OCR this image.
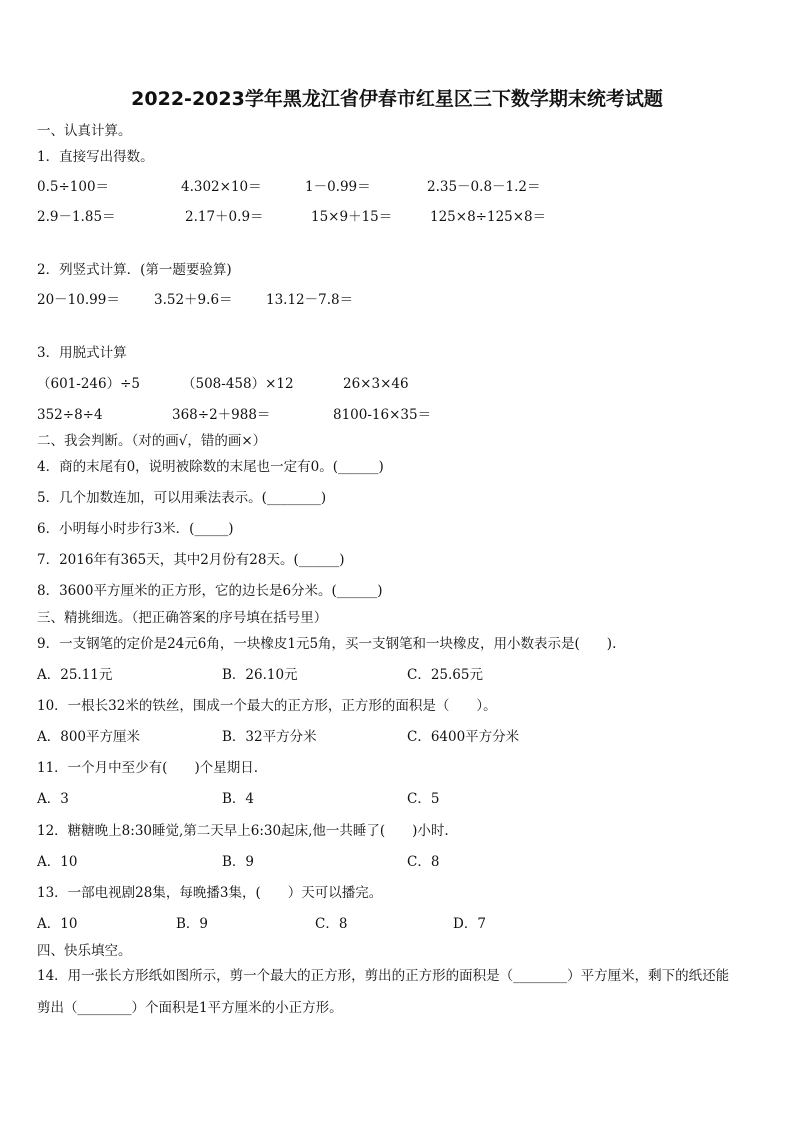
2022-2023学年黑龙江省伊春市红星区三下数学期末统考试题
一、认真计算。
1．直接写出得数。
0.5÷100＝	4.302×10＝	1－0.99＝	2.35－0.8－1.2＝
2.9－1.85＝	2.17＋0.9＝	15×9＋15＝	125×8÷125×8＝
2．列竖式计算．(第一题要验算)
20－10.99＝	3.52＋9.6＝ 13.12－7.8＝
3．用脱式计算
（601-246）÷5	（508-458）×12	26×3×46
352÷8÷4	368÷2＋988＝	8100-16×35＝
二、我会判断。（对的画√，错的画×）
4．商的末尾有0，说明被除数的末尾也一定有0。(______)
5．几个加数连加，可以用乘法表示。(________)
6．小明每小时步行3米．(_____)
7．2016年有365天，其中2月份有28天。(______)
8．3600平方厘米的正方形，它的边长是6分米。(______)
三、精挑细选。（把正确答案的序号填在括号里）
9．一支钢笔的定价是24元6角，一块橡皮1元5角，买一支钢笔和一块橡皮，用小数表示是(　　).
A．25.11元	B．26.10元	C．25.65元
10．一根长32米的铁丝，围成一个最大的正方形，正方形的面积是（　　）。
A．800平方厘米	B．32平方分米	C．6400平方分米
11．一个月中至少有(　　)个星期日.
A．3	B．4	C．5
12．糖糖晚上8:30睡觉,第二天早上6:30起床,他一共睡了(　　)小时.
A．10	B．9	C．8
13．一部电视剧28集，每晚播3集，(　　）天可以播完。
A．10	B．9	C．8	D．7
四、快乐填空。
14．用一张长方形纸如图所示，剪一个最大的正方形，剪出的正方形的面积是（________）平方厘米，剩下的纸还能
剪出（________）个面积是1平方厘米的小正方形。
